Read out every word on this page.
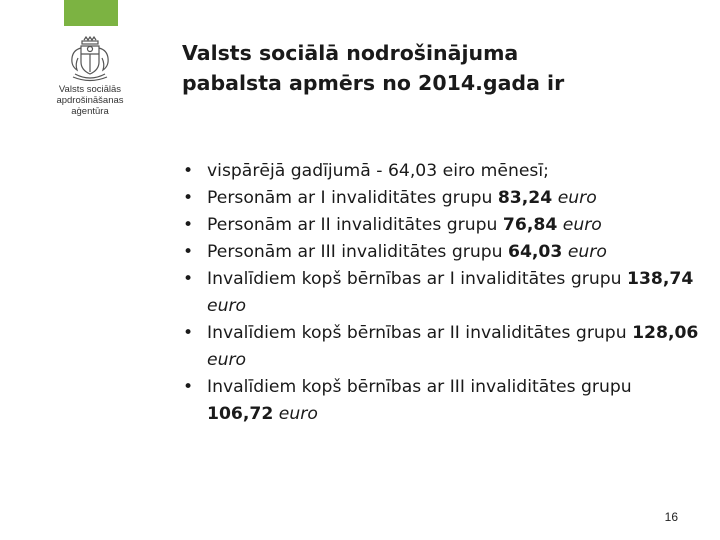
Valsts sociālās
apdrošināšanas
aģentūra
Valsts sociālā nodrošinājuma
pabalsta apmērs no 2014.gada ir
• vispārējā gadījumā - 64,03 eiro mēnesī;
• Personām ar I invaliditātes grupu 83,24 euro
• Personām ar II invaliditātes grupu 76,84 euro
• Personām ar III invaliditātes grupu 64,03 euro
• Invalīdiem kopš bērnības ar I invaliditātes grupu 138,74 euro
• Invalīdiem kopš bērnības ar II invaliditātes grupu 128,06 euro
• Invalīdiem kopš bērnības ar III invaliditātes grupu 106,72 euro
16
